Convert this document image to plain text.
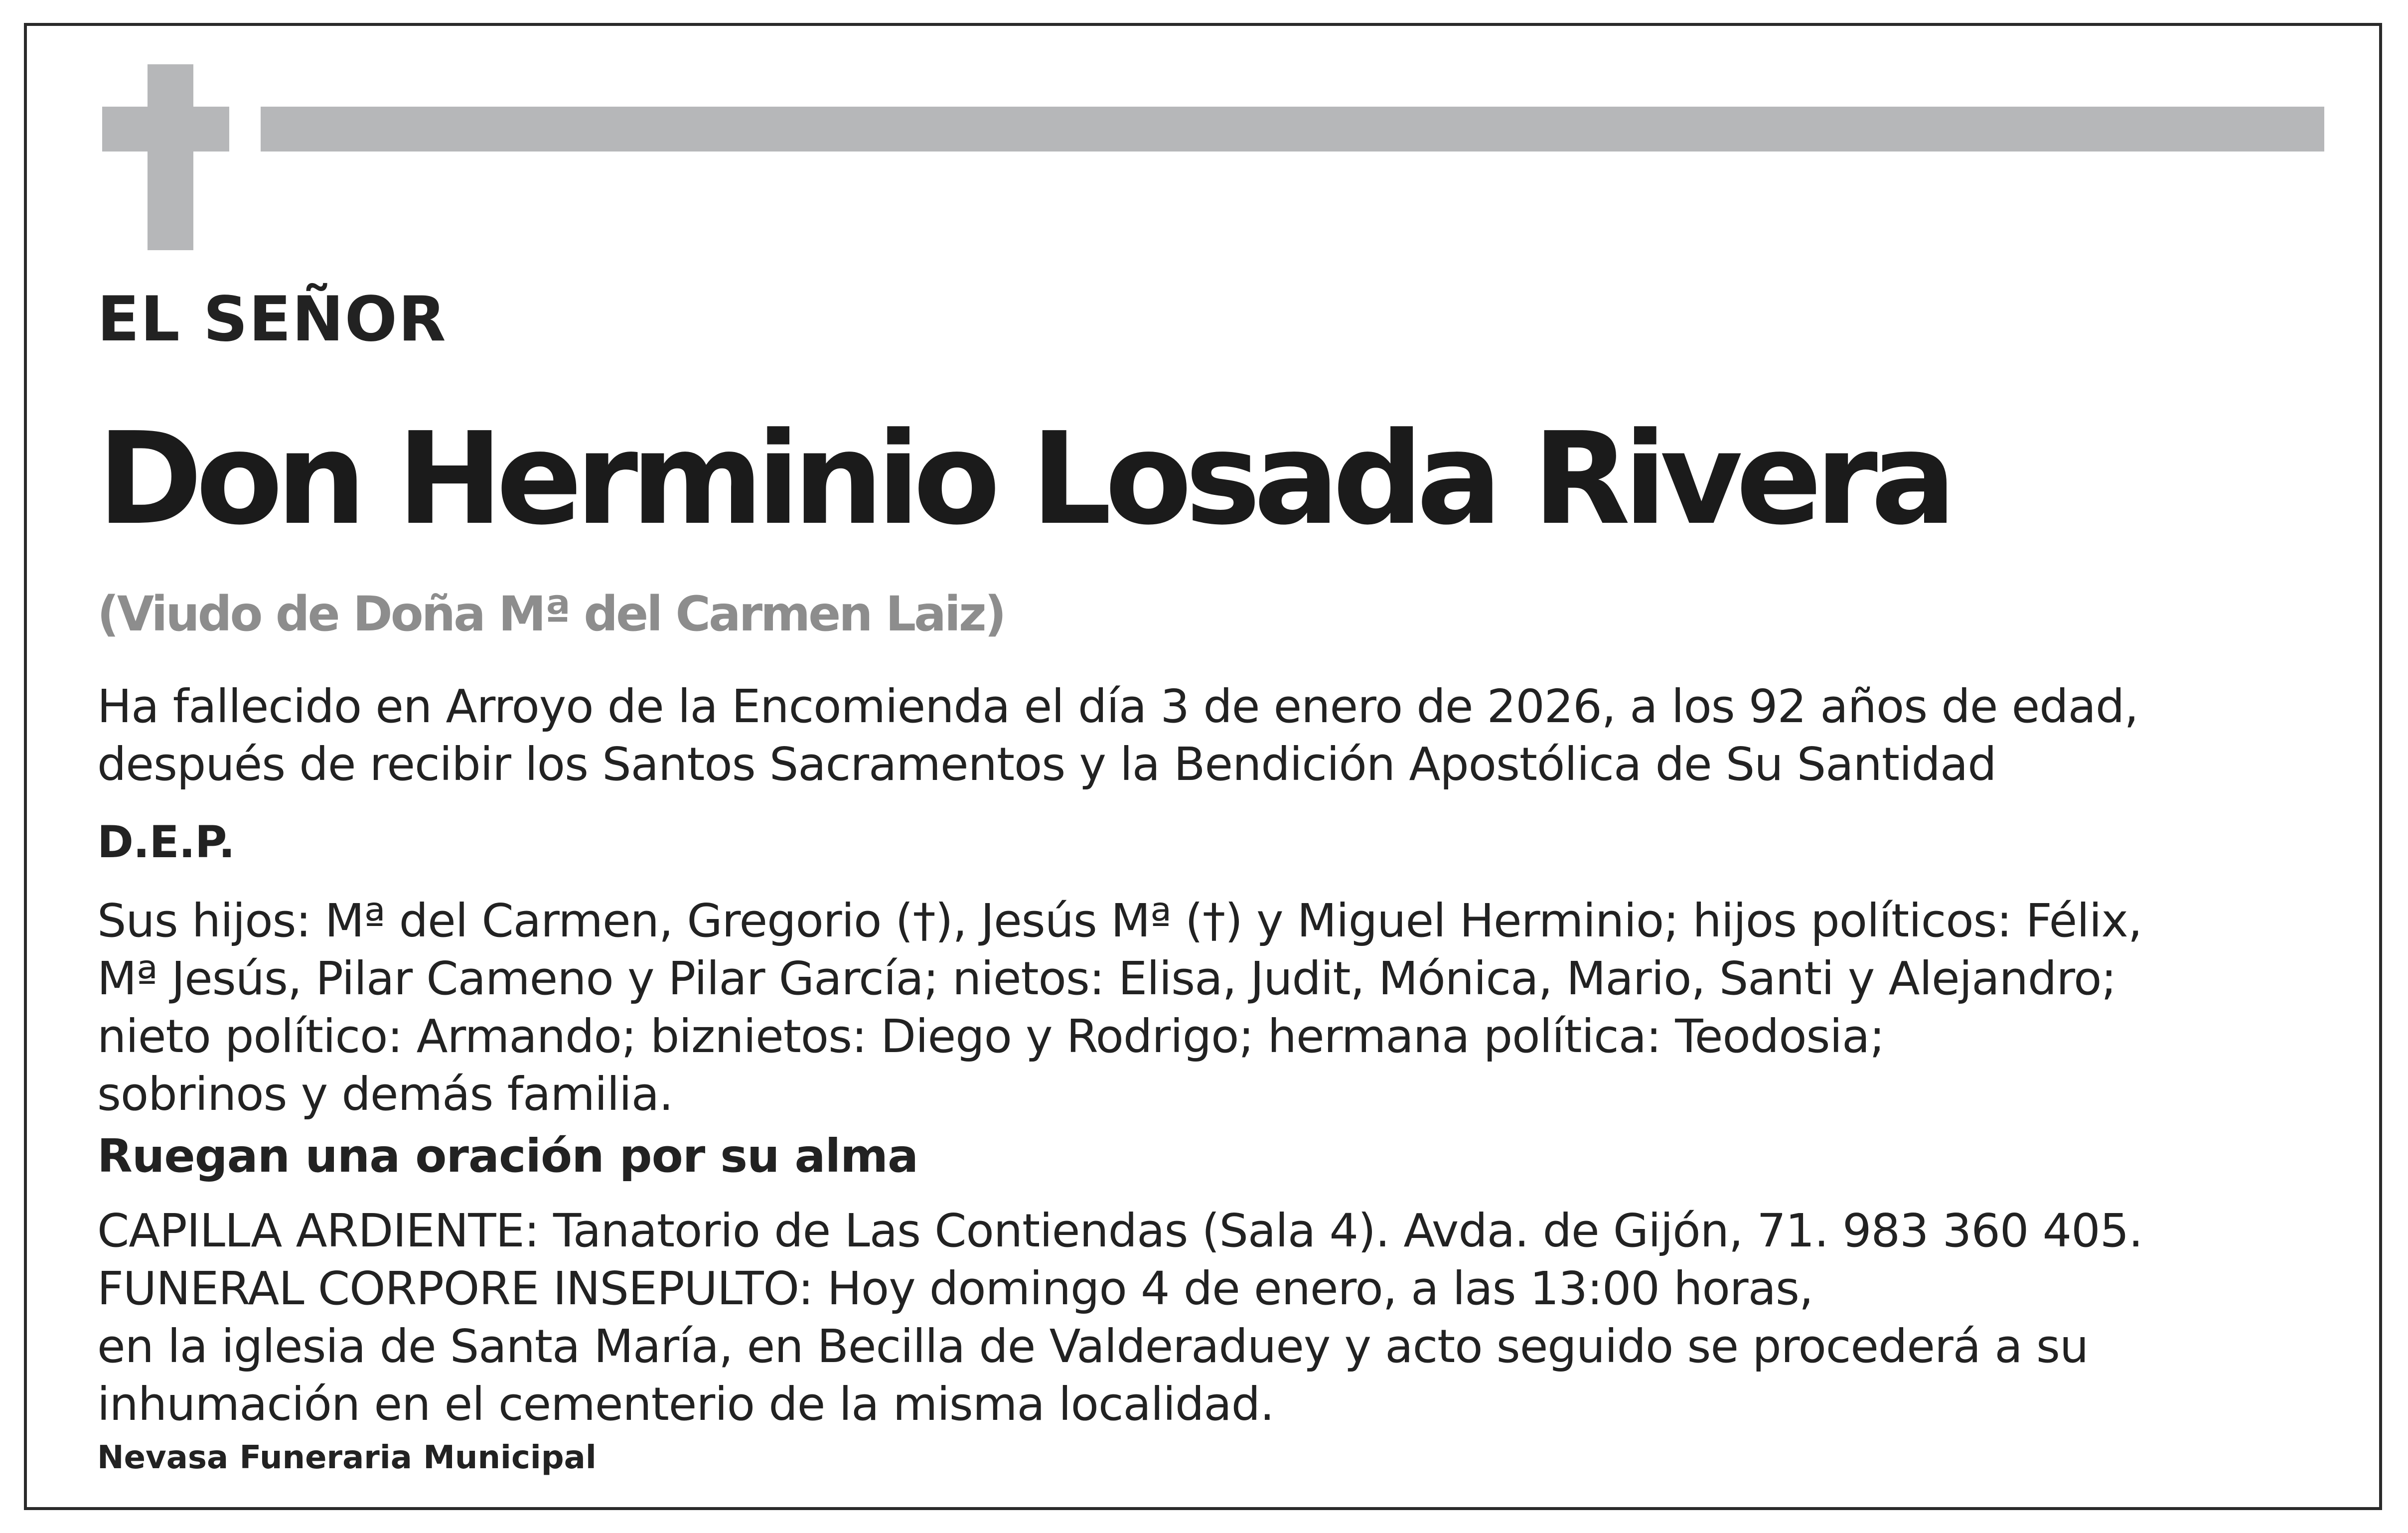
EL SEÑOR

Don Herminio Losada Rivera

(Viudo de Doña Mª del Carmen Laiz)

Ha fallecido en Arroyo de la Encomienda el día 3 de enero de 2026, a los 92 años de edad,
después de recibir los Santos Sacramentos y la Bendición Apostólica de Su Santidad

D.E.P.

Sus hijos: Mª del Carmen, Gregorio (†), Jesús Mª (†) y Miguel Herminio; hijos políticos: Félix,
Mª Jesús, Pilar Cameno y Pilar García; nietos: Elisa, Judit, Mónica, Mario, Santi y Alejandro;
nieto político: Armando; biznietos: Diego y Rodrigo; hermana política: Teodosia;
sobrinos y demás familia.

Ruegan una oración por su alma

CAPILLA ARDIENTE: Tanatorio de Las Contiendas (Sala 4). Avda. de Gijón, 71. 983 360 405.
FUNERAL CORPORE INSEPULTO: Hoy domingo 4 de enero, a las 13:00 horas,
en la iglesia de Santa María, en Becilla de Valderaduey y acto seguido se procederá a su
inhumación en el cementerio de la misma localidad.

Nevasa Funeraria Municipal
